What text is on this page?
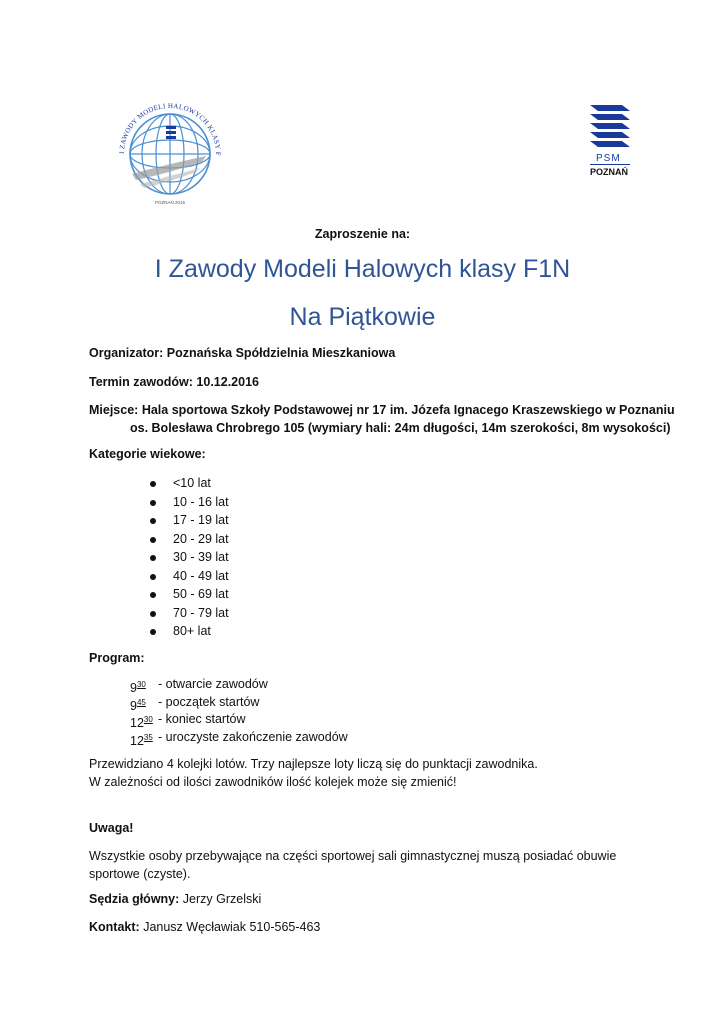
I ZAWODY MODELI HALOWYCH KLASY F
POZNAŃ 2016
PSM
POZNAŃ
Zaproszenie na:
I Zawody Modeli Halowych klasy F1N
Na Piątkowie
Organizator: Poznańska Spółdzielnia Mieszkaniowa
Termin zawodów: 10.12.2016
Miejsce: Hala sportowa Szkoły Podstawowej nr 17 im. Józefa Ignacego Kraszewskiego w Poznaniu
os. Bolesława Chrobrego 105 (wymiary hali: 24m długości, 14m szerokości, 8m wysokości)
Kategorie wiekowe:
<10 lat
10 - 16 lat
17 - 19 lat
20 - 29 lat
30 - 39 lat
40 - 49 lat
50 - 69 lat
70 - 79 lat
80+ lat
Program:
$9^{30}$ - otwarcie zawodów
$9^{45}$ - początek startów
$12^{30}$ - koniec startów
$12^{35}$ - uroczyste zakończenie zawodów
Przewidziano 4 kolejki lotów. Trzy najlepsze loty liczą się do punktacji zawodnika.
W zależności od ilości zawodników ilość kolejek może się zmienić!
Uwaga!
Wszystkie osoby przebywające na części sportowej sali gimnastycznej muszą posiadać obuwie
sportowe (czyste).
Sędzia główny: Jerzy Grzelski
Kontakt: Janusz Węcławiak 510-565-463
